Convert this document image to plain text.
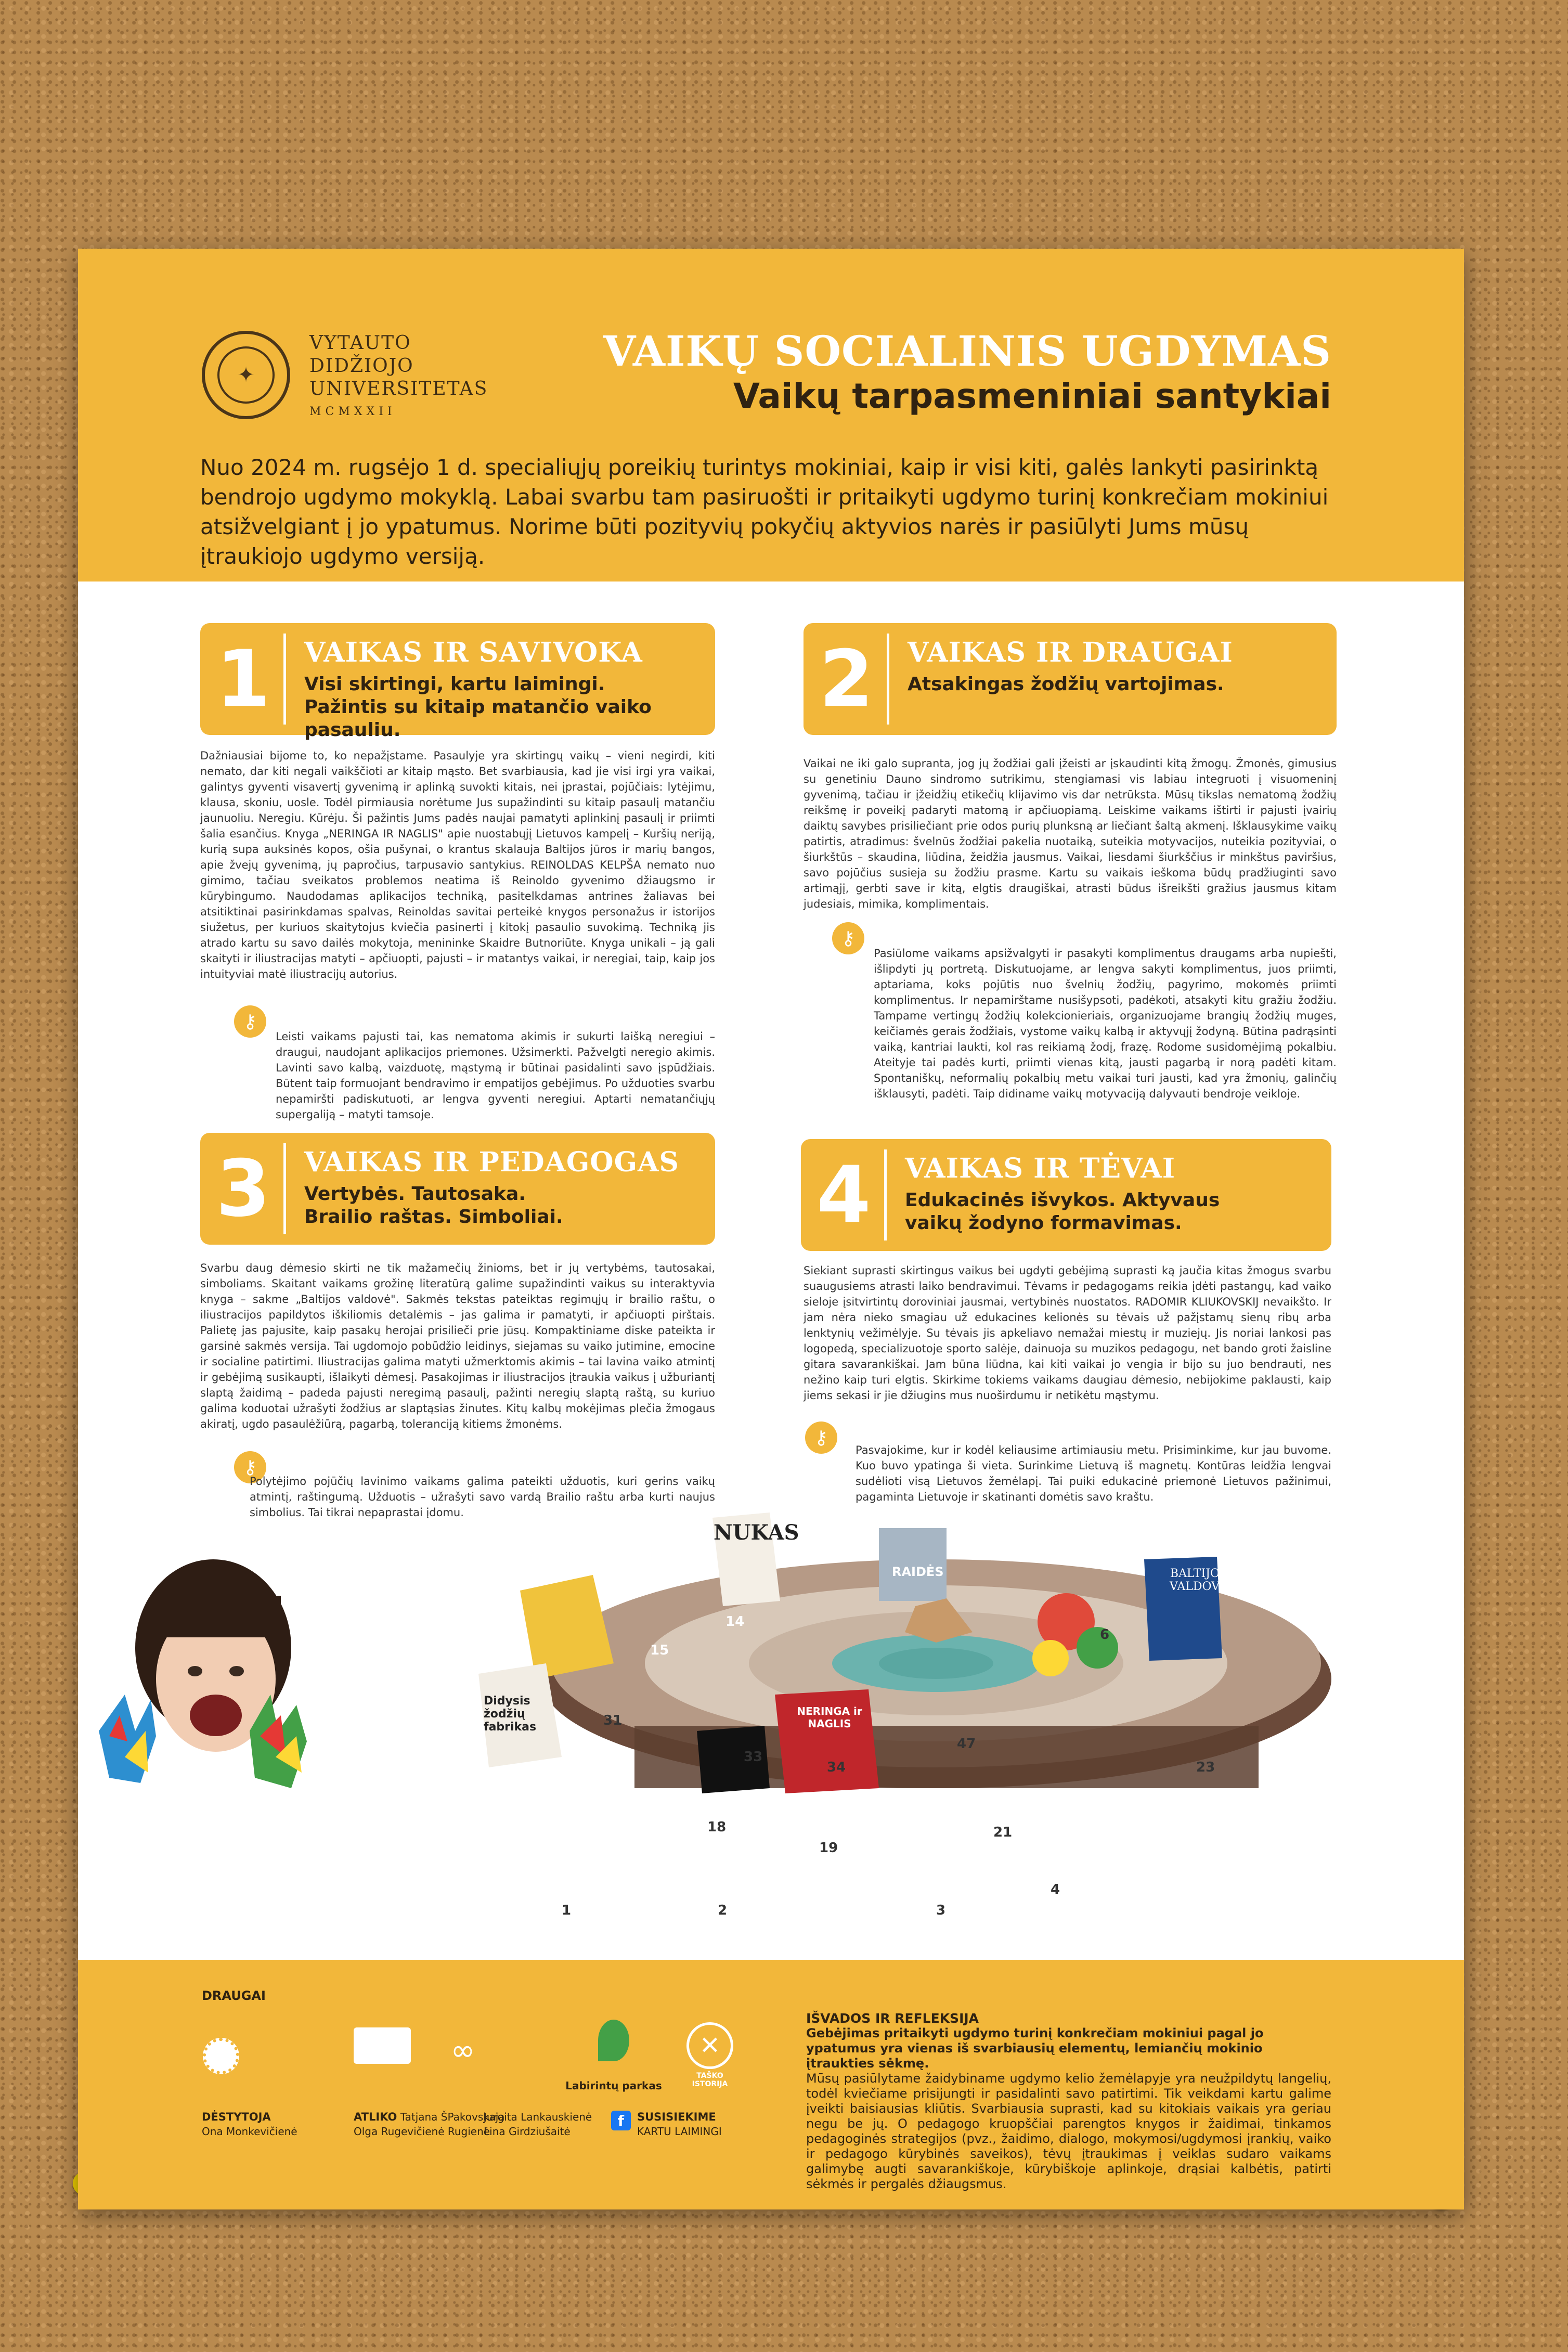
✦
VYTAUTO
DIDŽIOJO
UNIVERSITETAS
MCMXXII
VAIKŲ SOCIALINIS UGDYMAS
Vaikų tarpasmeniniai santykiai
Nuo 2024 m. rugsėjo 1 d. specialiųjų poreikių turintys mokiniai, kaip ir visi kiti, galės lankyti pasirinktą bendrojo ugdymo mokyklą. Labai svarbu tam pasiruošti ir pritaikyti ugdymo turinį konkrečiam mokiniui atsižvelgiant į jo ypatumus. Norime būti pozityvių pokyčių aktyvios narės ir pasiūlyti Jums mūsų įtraukiojo ugdymo versiją.
1	VAIKAS IR SAVIVOKA
Visi skirtingi, kartu laimingi. Pažintis su kitaip matančio vaiko pasauliu.
Dažniausiai bijome to, ko nepažįstame. Pasaulyje yra skirtingų vaikų – vieni negirdi, kiti nemato, dar kiti negali vaikščioti ar kitaip mąsto. Bet svarbiausia, kad jie visi irgi yra vaikai, galintys gyventi visavertį gyvenimą ir aplinką suvokti kitais, nei įprastai, pojūčiais: lytėjimu, klausa, skoniu, uosle. Todėl pirmiausia norėtume Jus supažindinti su kitaip pasaulį matančiu jaunuoliu. Neregiu. Kūrėju. Ši pažintis Jums padės naujai pamatyti aplinkinį pasaulį ir priimti šalia esančius. Knyga „NERINGA IR NAGLIS" apie nuostabųjį Lietuvos kampelį – Kuršių neriją, kurią supa auksinės kopos, ošia pušynai, o krantus skalauja Baltijos jūros ir marių bangos, apie žvejų gyvenimą, jų papročius, tarpusavio santykius. REINOLDAS KELPŠA nemato nuo gimimo, tačiau sveikatos problemos neatima iš Reinoldo gyvenimo džiaugsmo ir kūrybingumo. Naudodamas aplikacijos techniką, pasitelkdamas antrines žaliavas bei atsitiktinai pasirinkdamas spalvas, Reinoldas savitai perteikė knygos personažus ir istorijos siužetus, per kuriuos skaitytojus kviečia pasinerti į kitokį pasaulio suvokimą. Techniką jis atrado kartu su savo dailės mokytoja, menininke Skaidre Butnoriūte. Knyga unikali – ją gali skaityti ir iliustracijas matyti – apčiuopti, pajusti – ir matantys vaikai, ir neregiai, taip, kaip jos intuityviai matė iliustracijų autorius.
⚷
Leisti vaikams pajusti tai, kas nematoma akimis ir sukurti laišką neregiui – draugui, naudojant aplikacijos priemones. Užsimerkti. Pažvelgti neregio akimis. Lavinti savo kalbą, vaizduotę, mąstymą ir būtinai pasidalinti savo įspūdžiais. Būtent taip formuojant bendravimo ir empatijos gebėjimus. Po užduoties svarbu nepamiršti padiskutuoti, ar lengva gyventi neregiui. Aptarti nematančiųjų supergaliją – matyti tamsoje.
2	VAIKAS IR DRAUGAI
Atsakingas žodžių vartojimas.
Vaikai ne iki galo supranta, jog jų žodžiai gali įžeisti ar įskaudinti kitą žmogų. Žmonės, gimusius su genetiniu Dauno sindromo sutrikimu, stengiamasi vis labiau integruoti į visuomeninį gyvenimą, tačiau ir įžeidžių etikečių klijavimo vis dar netrūksta. Mūsų tikslas nematomą žodžių reikšmę ir poveikį padaryti matomą ir apčiuopiamą. Leiskime vaikams ištirti ir pajusti įvairių daiktų savybes prisiliečiant prie odos purių plunksną ar liečiant šaltą akmenį. Išklausykime vaikų patirtis, atradimus: švelnūs žodžiai pakelia nuotaiką, suteikia motyvacijos, nuteikia pozityviai, o šiurkštūs – skaudina, liūdina, žeidžia jausmus. Vaikai, liesdami šiurkščius ir minkštus paviršius, savo pojūčius susieja su žodžiu prasme. Kartu su vaikais ieškoma būdų pradžiuginti savo artimąjį, gerbti save ir kitą, elgtis draugiškai, atrasti būdus išreikšti gražius jausmus kitam judesiais, mimika, komplimentais.
⚷
Pasiūlome vaikams apsižvalgyti ir pasakyti komplimentus draugams arba nupiešti, išlipdyti jų portretą. Diskutuojame, ar lengva sakyti komplimentus, juos priimti, aptariama, koks pojūtis nuo švelnių žodžių, pagyrimo, mokomės priimti komplimentus. Ir nepamirštame nusišypsoti, padėkoti, atsakyti kitu gražiu žodžiu. Tampame vertingų žodžių kolekcionieriais, organizuojame brangių žodžių muges, keičiamės gerais žodžiais, vystome vaikų kalbą ir aktyvųjį žodyną. Būtina padrąsinti vaiką, kantriai laukti, kol ras reikiamą žodį, frazę. Rodome susidomėjimą pokalbiu. Ateityje tai padės kurti, priimti vienas kitą, jausti pagarbą ir norą padėti kitam. Spontaniškų, neformalių pokalbių metu vaikai turi jausti, kad yra žmonių, galinčių išklausyti, padėti. Taip didiname vaikų motyvaciją dalyvauti bendroje veikloje.
3	VAIKAS IR PEDAGOGAS
Vertybės. Tautosaka. Brailio raštas. Simboliai.
Svarbu daug dėmesio skirti ne tik mažamečių žinioms, bet ir jų vertybėms, tautosakai, simboliams. Skaitant vaikams grožinę literatūrą galime supažindinti vaikus su interaktyvia knyga – sakme „Baltijos valdovė". Sakmės tekstas pateiktas regimųjų ir brailio raštu, o iliustracijos papildytos iškiliomis detalėmis – jas galima ir pamatyti, ir apčiuopti pirštais. Palietę jas pajusite, kaip pasakų herojai prisilieči prie jūsų. Kompaktiniame diske pateikta ir garsinė sakmės versija. Tai ugdomojo pobūdžio leidinys, siejamas su vaiko jutimine, emocine ir socialine patirtimi. Iliustracijas galima matyti užmerktomis akimis – tai lavina vaiko atmintį ir gebėjimą susikaupti, išlaikyti dėmesį. Pasakojimas ir iliustracijos įtraukia vaikus į užburiantį slaptą žaidimą – padeda pajusti neregimą pasaulį, pažinti neregių slaptą raštą, su kuriuo galima koduotai užrašyti žodžius ar slaptąsias žinutes. Kitų kalbų mokėjimas plečia žmogaus akiratį, ugdo pasaulėžiūrą, pagarbą, toleranciją kitiems žmonėms.
⚷
Polytėjimo pojūčių lavinimo vaikams galima pateikti užduotis, kuri gerins vaikų atmintį, raštingumą. Užduotis – užrašyti savo vardą Brailio raštu arba kurti naujus simbolius. Tai tikrai nepaprastai įdomu.
4	VAIKAS IR TĖVAI
Edukacinės išvykos. Aktyvaus vaikų žodyno formavimas.
Siekiant suprasti skirtingus vaikus bei ugdyti gebėjimą suprasti ką jaučia kitas žmogus svarbu suaugusiems atrasti laiko bendravimui. Tėvams ir pedagogams reikia įdėti pastangų, kad vaiko sieloje įsitvirtintų doroviniai jausmai, vertybinės nuostatos. RADOMIR KLIUKOVSKIJ nevaikšto. Ir jam nėra nieko smagiau už edukacines kelionės su tėvais už pažįstamų sienų ribų arba lenktynių vežimėlyje. Su tėvais jis apkeliavo nemažai miestų ir muziejų. Jis noriai lankosi pas logopedą, specializuotoje sporto salėje, dainuoja su muzikos pedagogu, net bando groti žaisline gitara savarankiškai. Jam būna liūdna, kai kiti vaikai jo vengia ir bijo su juo bendrauti, nes nežino kaip turi elgtis. Skirkime tokiems vaikams daugiau dėmesio, nebijokime paklausti, kaip jiems sekasi ir jie džiugins mus nuoširdumu ir netikėtu mąstymu.
⚷
Pasvajokime, kur ir kodėl keliausime artimiausiu metu. Prisiminkime, kur jau buvome. Kuo buvo ypatinga ši vieta. Surinkime Lietuvą iš magnetų. Kontūras leidžia lengvai sudėlioti visą Lietuvos žemėlapį. Tai puiki edukacinė priemonė Lietuvos pažinimui, pagaminta Lietuvoje ir skatinanti domėtis savo kraštu.
NUKAS
RAIDĖS	BALTIJOS VALDOVĖ
NERINGA ir NAGLIS
Didysis žodžių fabrikas
14
15
31
33
34
47
19
21
23
18
3
2
1
4
6
DRAUGAI
∞
Labirintų parkas
✕
TAŠKO ISTORIJA
DĖSTYTOJA
Ona Monkevičienė
ATLIKO Tatjana ŠPakovskaja
Olga Rugevičienė Rugienė
Jurgita Lankauskienė
Lina Girdziušaitė
f	SUSISIEKIME
KARTU LAIMINGI
IŠVADOS IR REFLEKSIJA
Gebėjimas pritaikyti ugdymo turinį konkrečiam mokiniui pagal jo ypatumus yra vienas iš svarbiausių elementų, lemiančių mokinio įtraukties sėkmę.
Mūsų pasiūlytame žaidybiname ugdymo kelio žemėlapyje yra neužpildytų langelių, todėl kviečiame prisijungti ir pasidalinti savo patirtimi. Tik veikdami kartu galime įveikti baisiausias kliūtis. Svarbiausia suprasti, kad su kitokiais vaikais yra geriau negu be jų. O pedagogo kruopščiai parengtos knygos ir žaidimai, tinkamos pedagoginės strategijos (pvz., žaidimo, dialogo, mokymosi/ugdymosi įrankių, vaiko ir pedagogo kūrybinės saveikos), tėvų įtraukimas į veiklas sudaro vaikams galimybę augti savarankiškoje, kūrybiškoje aplinkoje, drąsiai kalbėtis, patirti sėkmės ir pergalės džiaugsmus.
